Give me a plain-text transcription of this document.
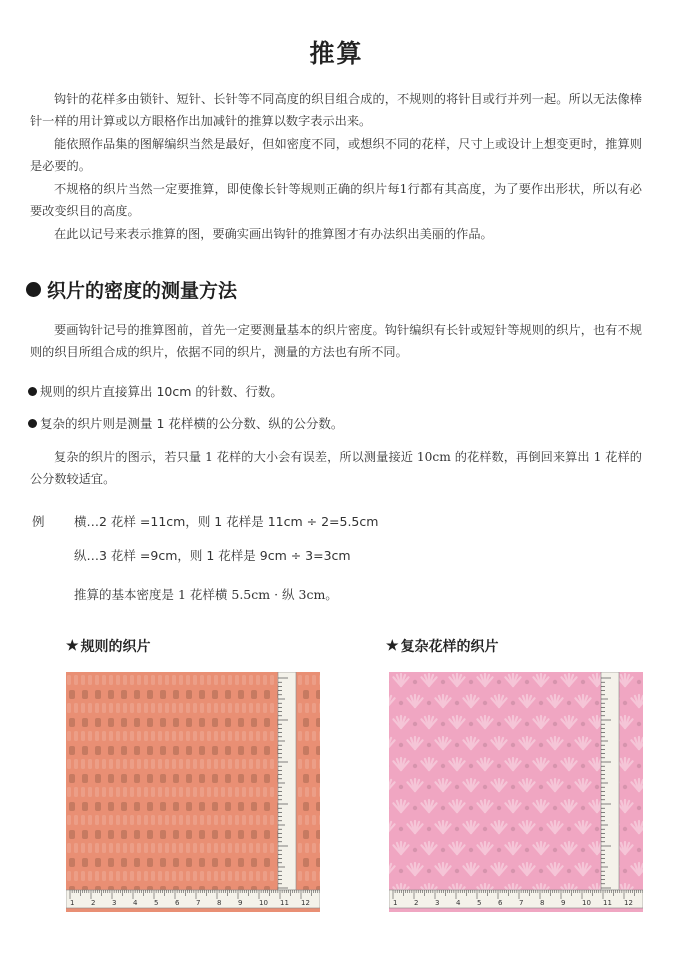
推算

钩针的花样多由锁针、短针、长针等不同高度的织目组合成的，不规则的将针目或行并列一起。所以无法像棒针一样的用计算或以方眼格作出加减针的推算以数字表示出来。

能依照作品集的图解编织当然是最好，但如密度不同，或想织不同的花样，尺寸上或设计上想变更时，推算则是必要的。

不规格的织片当然一定要推算，即使像长针等规则正确的织片每1行都有其高度，为了要作出形状，所以有必要改变织目的高度。

在此以记号来表示推算的图，要确实画出钩针的推算图才有办法织出美丽的作品。

织片的密度的测量方法

要画钩针记号的推算图前，首先一定要测量基本的织片密度。钩针编织有长针或短针等规则的织片，也有不规则的织目所组合成的织片，依据不同的织片，测量的方法也有所不同。

规则的织片直接算出 10cm 的针数、行数。
复杂的织片则是测量 1 花样横的公分数、纵的公分数。

复杂的织片的图示，若只量 1 花样的大小会有误差，所以测量接近 10cm 的花样数，再倒回来算出 1 花样的公分数较适宜。

例 横…2 花样 =11cm，则 1 花样是 11cm ÷ 2=5.5cm
纵…3 花样 =9cm，则 1 花样是 9cm ÷ 3=3cm
推算的基本密度是 1 花样横 5.5cm · 纵 3cm。
★ 规则的织片	★ 复杂花样的织片
1 2 3 4 5 6 7 8 9 10 11 12	1 2 3 4 5 6 7 8 9 10 11 12
